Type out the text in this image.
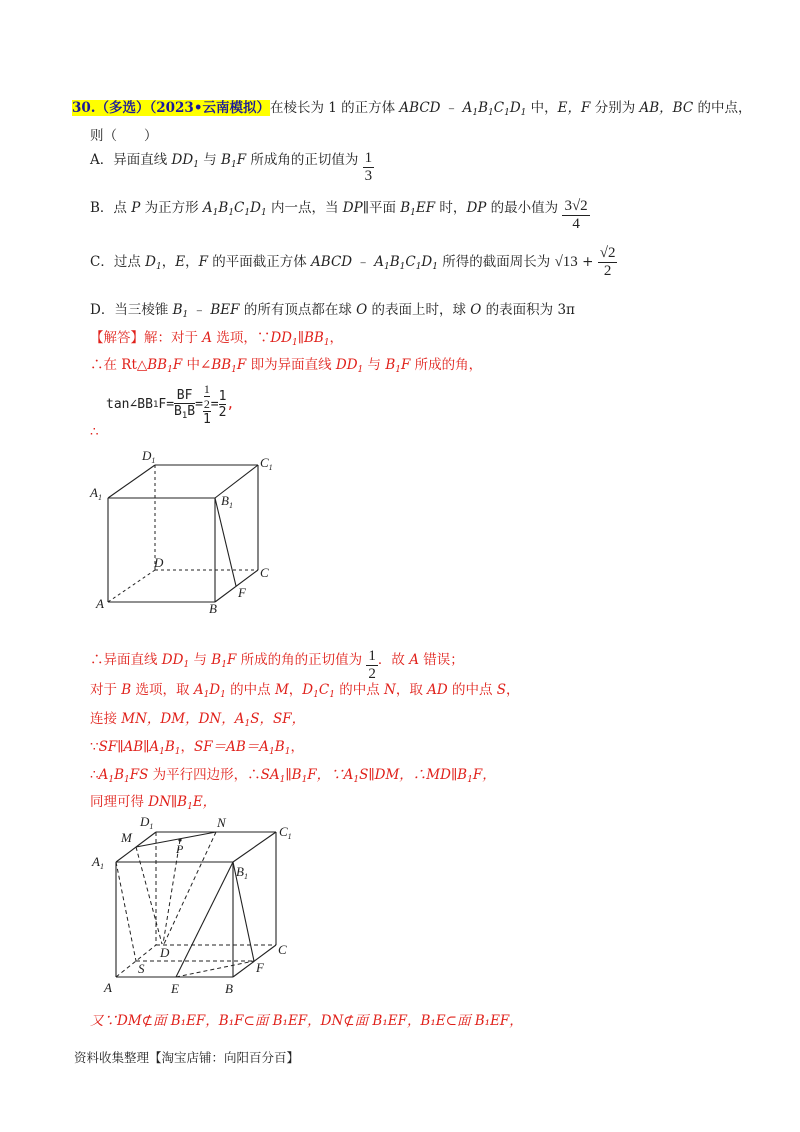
30.（多选）（2023•云南模拟）在棱长为 1 的正方体 ABCD ﹣ $A_1B_1C_1D_1$ 中，E，F 分别为 AB，BC 的中点，
则（　　）
A．异面直线 $DD_1$ 与 $B_1F$ 所成角的正切值为 $\frac{1}{3}$
B．点 P 为正方形 $A_1B_1C_1D_1$ 内一点，当 DP∥平面 $B_1EF$ 时，DP 的最小值为 $\frac{3√2}{4}$
C．过点 $D_1$，E，F 的平面截正方体 ABCD ﹣ $A_1B_1C_1D_1$ 所得的截面周长为 $√13 + \frac{√2}{2}$
D．当三棱锥 $B_1$ ﹣ BEF 的所有顶点都在球 O 的表面上时，球 O 的表面积为 3π
【解答】解：对于 A 选项，$\because DD_1\parallel BB_1$，
∴在 $Rt\triangle BB_1F$ 中$\angle BB_1F$ 即为异面直线 $DD_1$ 与 $B_1F$ 所成的角，
tan∠BB 1 $F= \frac{BF}{B_1B} = \frac{\frac{1}{2}}{1} = \frac{1}{2}$ ,
∴
$D_1$	$C_1$
$A_1$	$B_1$
D
C
A	B
F
∴异面直线 $DD_1$ 与 $B_1F$ 所成的角的正切值为 $\frac{1}{2}$ ．故 A 错误；
对于 B 选项，取 $A_1D_1$ 的中点 M，$D_1C_1$ 的中点 N，取 AD 的中点 S，
连接 MN，DM，DN，$A_1S$，SF，
$\because SF\parallel AB\parallel A_1B_1$，$SF=AB=A_1B_1$，
$\therefore A_1B_1FS$ 为平行四边形，$\therefore SA_1\parallel B_1F$，$\because A_1S\parallel DM$，$\therefore MD\parallel B_1F$，
同理可得 $DN\parallel B_1E$，
$D_1$	N
$C_1$
M
P
$A_1$	$B_1$
D	C
S	F
A	E	B
又∵DM⊄面 B₁EF，B₁F⊂面 B₁EF，DN⊄面 B₁EF，B₁E⊂面 B₁EF，
资料收集整理【淘宝店铺：向阳百分百】
